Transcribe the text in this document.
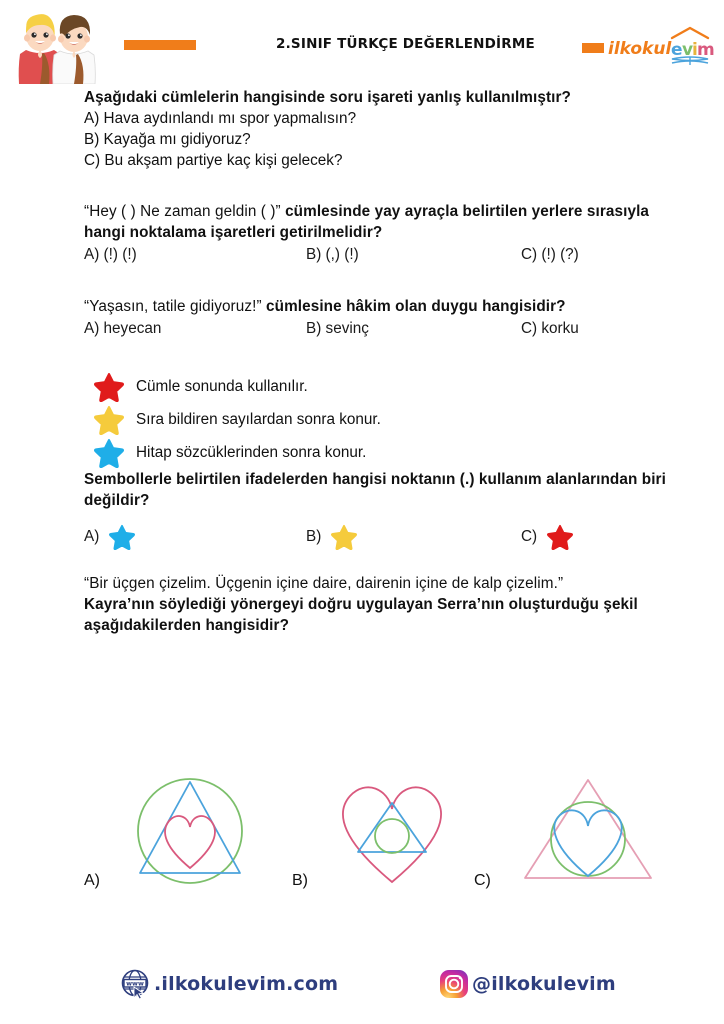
2.SINIF TÜRKÇE DEĞERLENDİRME	ilkokul e v
i m
Aşağıdaki cümlelerin hangisinde soru işareti yanlış kullanılmıştır?
A) Hava aydınlandı mı spor yapmalısın?
B) Kayağa mı gidiyoruz?
C) Bu akşam partiye kaç kişi gelecek?
“Hey ( ) Ne zaman geldin ( )” cümlesinde yay ayraçla belirtilen yerlere sırasıyla hangi noktalama işaretleri getirilmelidir?
A) (!) (!)	B) (,) (!)	C) (!) (?)
“Yaşasın, tatile gidiyoruz!” cümlesine hâkim olan duygu hangisidir?
A) heyecan	B) sevinç	C) korku
Cümle sonunda kullanılır.
Sıra bildiren sayılardan sonra konur.
Hitap sözcüklerinden sonra konur.
Sembollerle belirtilen ifadelerden hangisi noktanın (.) kullanım alanlarından biri değildir?
A)	B)	C)
“Bir üçgen çizelim. Üçgenin içine daire, dairenin içine de kalp çizelim.”
Kayra’nın söylediği yönergeyi doğru uygulayan Serra’nın oluşturduğu şekil aşağıdakilerden hangisidir?
A)	B)	C)
www .ilkokulevim.com	@ilkokulevim
